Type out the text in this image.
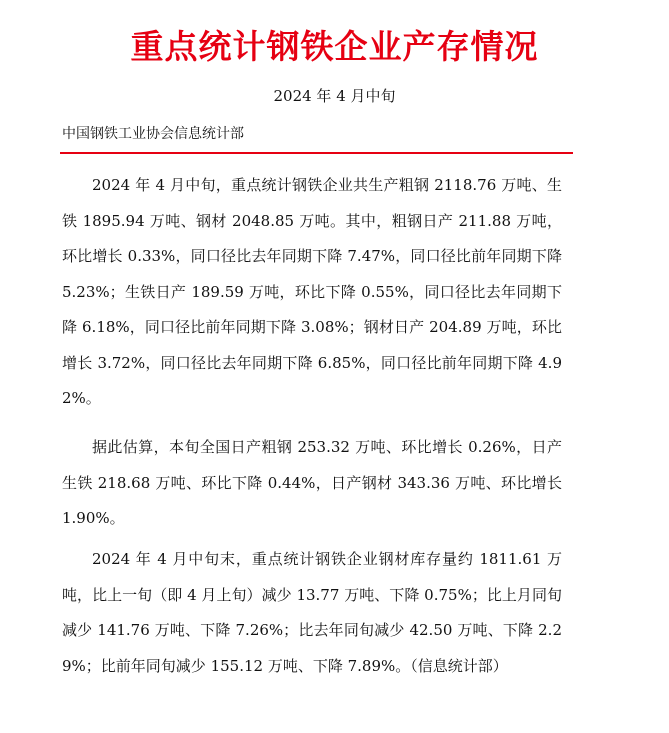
重点统计钢铁企业产存情况
2024 年 4 月中旬
中国钢铁工业协会信息统计部

2024 年 4 月中旬，重点统计钢铁企业共生产粗钢 2118.76 万吨、生铁 1895.94 万吨、钢材 2048.85 万吨。其中，粗钢日产 211.88 万吨，环比增长 0.33%，同口径比去年同期下降 7.47%，同口径比前年同期下降 5.23%；生铁日产 189.59 万吨，环比下降 0.55%，同口径比去年同期下降 6.18%，同口径比前年同期下降 3.08%；钢材日产 204.89 万吨，环比增长 3.72%，同口径比去年同期下降 6.85%，同口径比前年同期下降 4.92%。

据此估算，本旬全国日产粗钢 253.32 万吨、环比增长 0.26%，日产生铁 218.68 万吨、环比下降 0.44%，日产钢材 343.36 万吨、环比增长 1.90%。

2024 年 4 月中旬末，重点统计钢铁企业钢材库存量约 1811.61 万吨，比上一旬（即 4 月上旬）减少 13.77 万吨、下降 0.75%；比上月同旬减少 141.76 万吨、下降 7.26%；比去年同旬减少 42.50 万吨、下降 2.29%；比前年同旬减少 155.12 万吨、下降 7.89%。（信息统计部）
